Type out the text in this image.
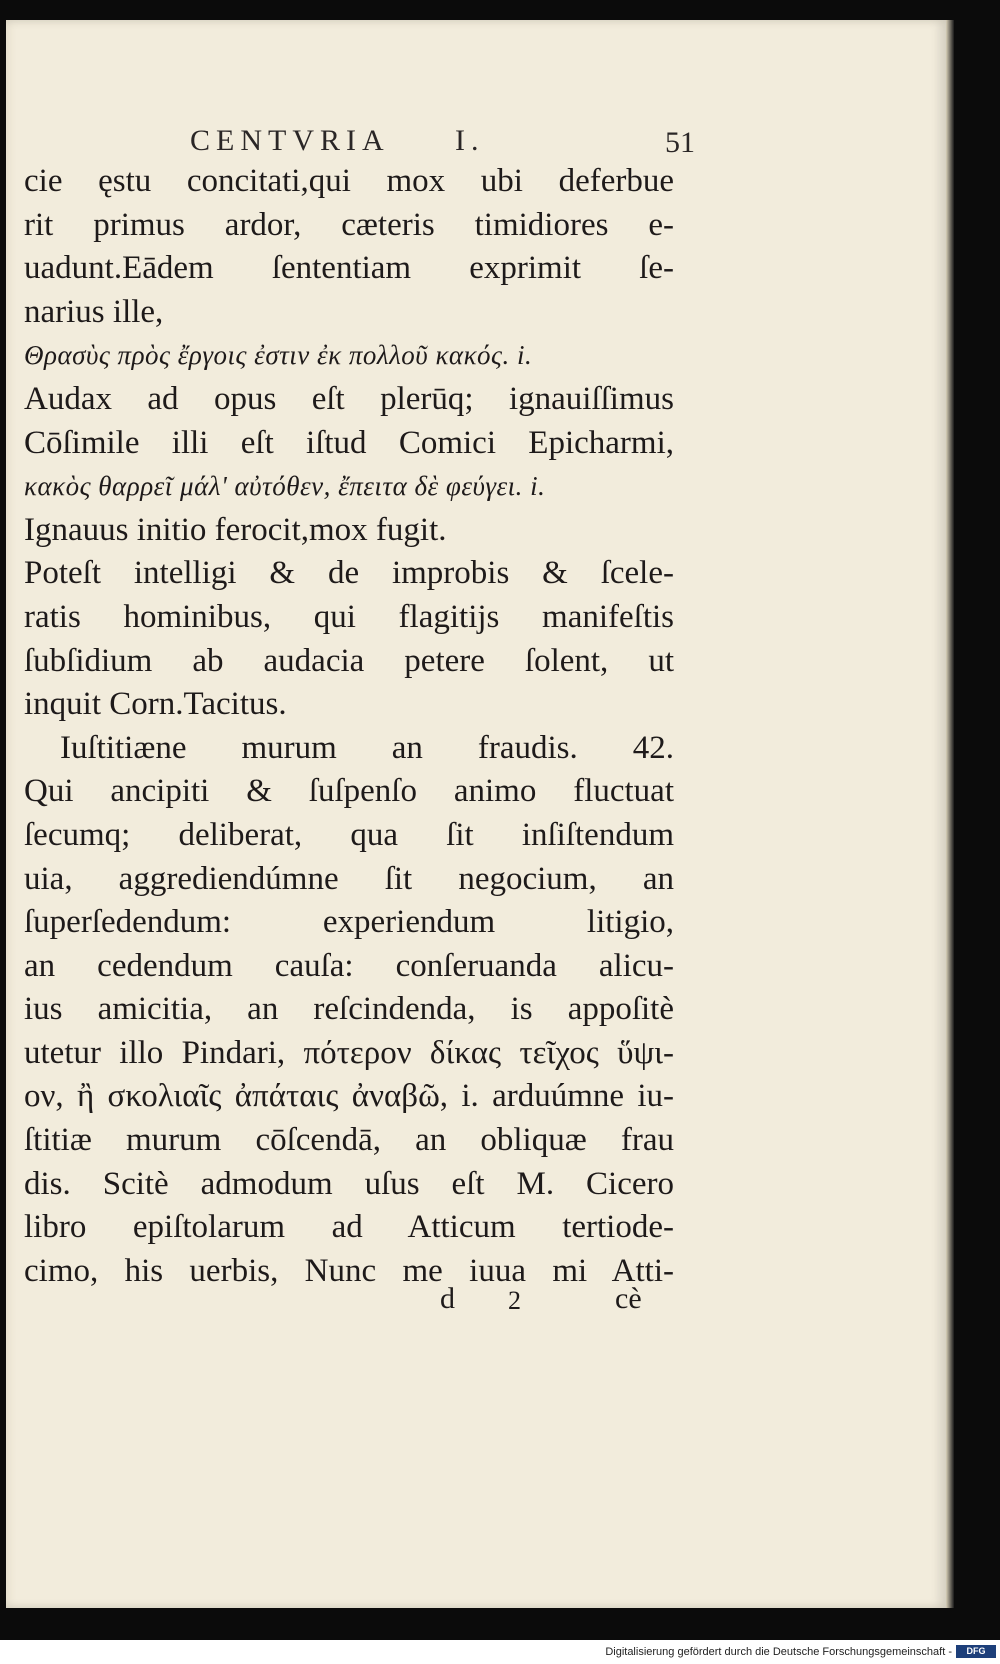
CENTVRIA I.	51
cie ęstu concitati,qui mox ubi deferbue
rit primus ardor, cæteris timidiores e-
uadunt.Eādem ſententiam exprimit ſe-
narius ille,
Θρασὺς πρὸς ἔργοις ἐστιν ἐκ πολλοῦ κακός. i.
Audax ad opus eſt plerūq; ignauiſſimus
Cōſimile illi eſt iſtud Comici Epicharmi,
κακὸς θαρρεῖ μάλ' αὐτόθεν, ἔπειτα δὲ φεύγει. i.
Ignauus initio ferocit,mox fugit.
Poteſt intelligi & de improbis & ſcele-
ratis hominibus, qui flagitijs manifeſtis
ſubſidium ab audacia petere ſolent, ut
inquit Corn.Tacitus.
Iuſtitiæne murum an fraudis. 42.
Qui ancipiti & ſuſpenſo animo fluctuat
ſecumq; deliberat, qua ſit inſiſtendum
uia, aggrediendúmne ſit negocium, an
ſuperſedendum: experiendum litigio,
an cedendum cauſa: conſeruanda alicu-
ius amicitia, an reſcindenda, is appoſitè
utetur illo Pindari, πότερον δίκας τεῖχος ὕψι-
ον, ἢ σκολιαῖς ἀπάταις ἀναβῶ, i. arduúmne iu-
ſtitiæ murum cōſcendā, an obliquæ frau
dis. Scitè admodum uſus eſt M. Cicero
libro epiſtolarum ad Atticum tertiode-
cimo, his uerbis, Nunc me iuua mi Atti-
d 2	cè
Digitalisierung gefördert durch die Deutsche Forschungsgemeinschaft -	DFG
